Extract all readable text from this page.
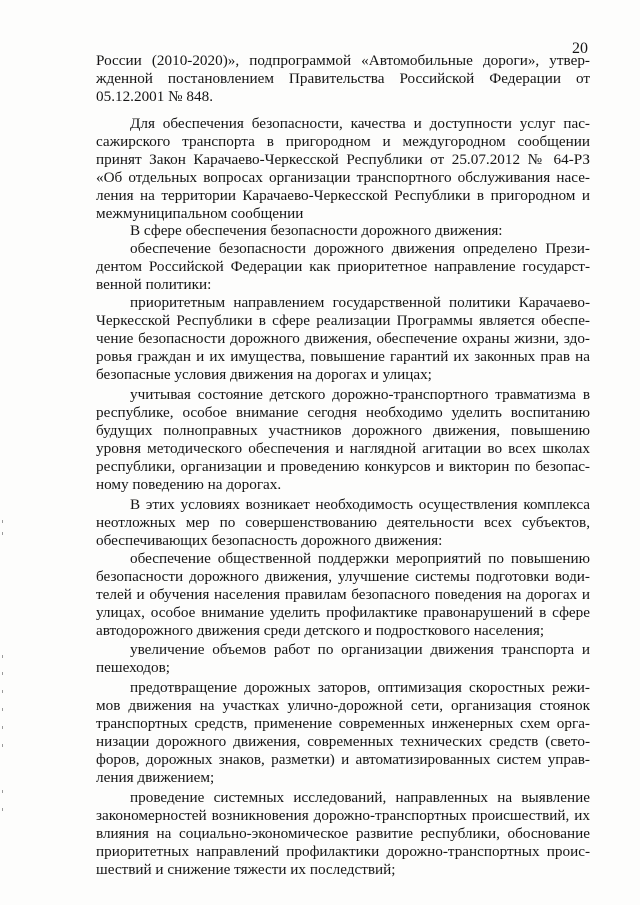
20
России (2010-2020)», подпрограммой «Автомобильные дороги», утвер-
жденной постановлением Правительства Российской Федерации от
05.12.2001 № 848.
Для обеспечения безопасности, качества и доступности услуг пас-
сажирского транспорта в пригородном и междугородном сообщении
принят Закон Карачаево-Черкесской Республики от 25.07.2012 № 64-РЗ
«Об отдельных вопросах организации транспортного обслуживания насе-
ления на территории Карачаево-Черкесской Республики в пригородном и
межмуниципальном сообщении
В сфере обеспечения безопасности дорожного движения:
обеспечение безопасности дорожного движения определено Прези-
дентом Российской Федерации как приоритетное направление государст-
венной политики:
приоритетным направлением государственной политики Карачаево-
Черкесской Республики в сфере реализации Программы является обеспе-
чение безопасности дорожного движения, обеспечение охраны жизни, здо-
ровья граждан и их имущества, повышение гарантий их законных прав на
безопасные условия движения на дорогах и улицах;
учитывая состояние детского дорожно-транспортного травматизма в
республике, особое внимание сегодня необходимо уделить воспитанию
будущих полноправных участников дорожного движения, повышению
уровня методического обеспечения и наглядной агитации во всех школах
республики, организации и проведению конкурсов и викторин по безопас-
ному поведению на дорогах.
В этих условиях возникает необходимость осуществления комплекса
неотложных мер по совершенствованию деятельности всех субъектов,
обеспечивающих безопасность дорожного движения:
обеспечение общественной поддержки мероприятий по повышению
безопасности дорожного движения, улучшение системы подготовки води-
телей и обучения населения правилам безопасного поведения на дорогах и
улицах, особое внимание уделить профилактике правонарушений в сфере
автодорожного движения среди детского и подросткового населения;
увеличение объемов работ по организации движения транспорта и
пешеходов;
предотвращение дорожных заторов, оптимизация скоростных режи-
мов движения на участках улично-дорожной сети, организация стоянок
транспортных средств, применение современных инженерных схем орга-
низации дорожного движения, современных технических средств (свето-
форов, дорожных знаков, разметки) и автоматизированных систем управ-
ления движением;
проведение системных исследований, направленных на выявление
закономерностей возникновения дорожно-транспортных происшествий, их
влияния на социально-экономическое развитие республики, обоснование
приоритетных направлений профилактики дорожно-транспортных проис-
шествий и снижение тяжести их последствий;
